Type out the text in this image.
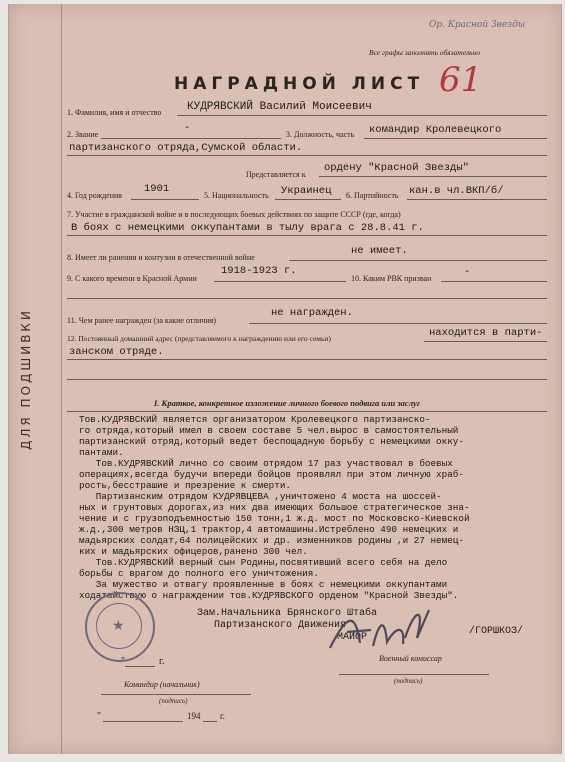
ДЛЯ ПОДШИВКИ
Ор. Красной Звезды
Все графы заполнять обязательно
61
НАГРАДНОЙ ЛИСТ
1. Фамилия, имя и отчество КУДРЯВСКИЙ Василий Моисеевич
2. Звание
-
3. Должность, часть командир Кролевецкого
партизанского отряда,Сумской области.
Представляется к
ордену "Красной Звезды"
4. Год рождения
1901
5. Национальность Украинец 6. Партийность кан.в чл.ВКП/б/
7. Участие в гражданской войне и в последующих боевых действиях по защите СССР (где, когда)
В боях с немецкими оккупантами в тылу врага с 28.8.41 г.
8. Имеет ли ранения и контузии в отечественной войне
не имеет.
9. С какого времени в Красной Армии
1918-1923 г.
10. Каким РВК призван
-
11. Чем ранее награжден (за какие отличия)
не награжден.
12. Постоянный домашний адрес (представляемого к награждению или его семьи)	находится в парти-
занском отряде.
I. Краткое, конкретное изложение личного боевого подвига или заслуг
Тов.КУДРЯВСКИЙ является организатором Кролевецкого партизанско-
го отряда,который имел в своем составе 5 чел.вырос в самостоятельный
партизанский отряд,который ведет беспощадную борьбу с немецкими окку-
пантами.
Тов.КУДРЯВСКИЙ лично со своим отрядом 17 раз участвовал в боевых
операциях,всегда будучи впереди бойцов проявлял при этом личную храб-
рость,бесстрашие и презрение к смерти.
Партизанским отрядом КУДРЯВЦЕВА ,уничтожено 4 моста на шоссей-
ных и грунтовых дорогах,из них два имеющих большое стратегическое зна-
чение и с грузоподъемностью 150 тонн,1 ж.д. мост по Московско-Киевской
ж.д.,300 метров НЗЦ,1 трактор,4 автомашины.Истреблено 490 немецких и
мадьярских солдат,64 полицейских и др. изменников родины ,и 27 немец-
ких и мадьярских офицеров,ранено 300 чел.
Тов.КУДРЯВСКИЙ верный сын Родины,посвятивший всего себя на дело
борьбы с врагом до полного его уничтожения.
За мужество и отвагу проявленные в боях с немецкими оккупантами
ходатайствую о награждении тов.КУДРЯВСКОГО орденом "Красной Звезды".
★
Зам.Начальника Брянского Штаба
Партизанского Движения
МАЙОР
/ГОРШКОЗ/
"	г.
Командир (начальник)
Военный комиссар
(подпись)
(подпись)
"	194 г.
